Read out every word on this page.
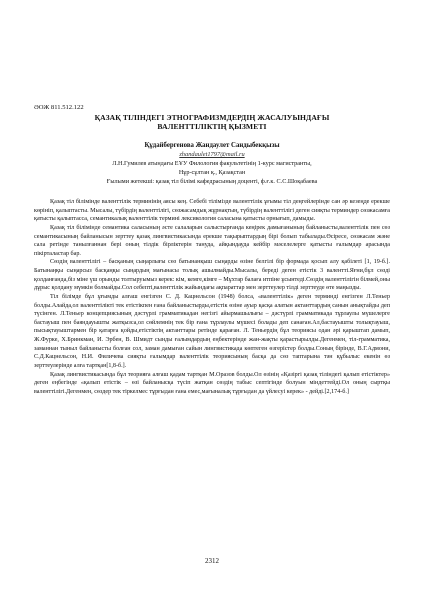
ӘОЖ 811.512.122
ҚАЗАҚ ТІЛІНДЕГІ ЭТНОГРАФИЗМДЕРДІҢ ЖАСАЛУЫНДАҒЫ
ВАЛЕНТТІЛІКТІҢ ҚЫЗМЕТІ
Құдайбергенова Жандаулет Сандыбекқызы
zhandaulet1797@mail.ru
Л.Н.Гумилев атындағы ЕҰУ Филология факультетінің 1-курс магистранты,
Нұр-сұлтан қ., Қазақстан
Ғылыми жетекші: қазақ тіл білімі кафедрасының доценті, ф.ғ.к. С.С.Шоқабаева

Қазақ тіл білімінде валенттілік терминінің аясы кең. Себебі тілімізде валенттілік ұғымы тіл деңгейлерінде сан әр кезеңде ерекше көрініп, қалыптасты. Мысалы, түбірдің валенттілігі, сөзжасамдық жұрнақтың, түбірдің валенттілігі деген сияқты терминдер сөзжасамға қатысты қалыптасса, семантикалық валенттілік термині лексикология саласына қатысты орнығып, дамыды.

Қазақ тіл білімінде семантика саласының әсте салаларын салыстырғанда кеңірек дамығанының байланысты,валенттілік пен сөз семантикасының байланысын зерттеу қазақ лингвистикасында ерекше тақырыптардың бірі болып табылады.Өсіресе, сөзжасам және сала ретінде танылғаннан бері оның тілдік бірліктерін тануда, айқындауда кейбір мәселелерге қатысты ғалымдар арасында пікірталастар бар.

Сөздің валенттілігі – басқаның сыңарлығы сөз батынанқыш сыңарды өзіне белгілі бір формада қосып алу қабілеті [1, 19-б.]. Батынаңқы сыңарсыз басқаңқы сыңардың мағынасы толық ашылмайды.Мысалы, береді деген етістік 3 валентті.Яғни,бұл сөзді қолданғанда,біз міне үш орынды толтыруымыз керек: кім, кемге,кімге – Мұхтар балаға итпіне ұсынтеді.Сөздің валенттілігін білмей,оны дұрыс қолдану мүмкін болмайды.Сол себепті,валенттілік жайындағы ақпараттар мен зерттеулер тілді зерттеуде өте маңызды.

Тіл білімде бұл ұғымды алғаш енгізген С. Д. Кацнельсон (1948) болса, «валенттілік» деген терминді енгізген Л.Теньер болды.Алайда,ол валенттілікті тек етістікпен ғана байланыстырды,етістік өзіне ауыр қасқа алатын актанттардың санын анықтайды деп түсінген. Л.Теньер концепциясының дәстүрлі грамматикадан негізгі айырмашылығы – дәстүрлі грамматикада тұрлаулы мүшелерге бастауыш пен баяндауышты жатқызса,ол сөйлемнің тек бір ғана тұрлаулы мүшесі болады деп санаған.Ал,бастауышты толықтауыш, пысықтауыштармен бір қатарға қойды,етістіктің актанттары ретінде қараған. Л. Теньердің бұл теориясы одан әрі қарыштап дамып, Ж.Фурке, Х.Бринкман, И. Эрбен, В. Шмидт сынды ғалымдардың еңбектерінде жан-жақты қарастырылды.Дегенмен, тіл-грамматика, заманнан тыныл байланысты болған сол, заман дамыған сайын лингвистикада көптеген өзгерістер болды.Соның бірінде, В.Г.Адмони, С.Д.Кацнельсон, Н.И. Филичева сияқты ғалымдар валенттілік теориясының басқа да сөз таптарына тән құбылыс екенін өз зерттеулерінде алға тартқан[1,8-б.].

Қазақ лингвистикасында бұл теорияға алғаш қадам тартқан М.Оразов болды.Ол өзінің «Қазіргі қазақ тіліндегі қалып етістіктер» деген еңбегінде «қалып етістік – өзі байланысқа түсіп жатқан сөздің табыс септігінде болуын міндеттейді.Ол оның сыртқы валенттілігі.Дегенмен, сөздер тек тіркелмес тұрғыдан ғана емес,мағыналық тұрғыдан да үйлесуі керек» - дейді.[2,174-б.]

2312
